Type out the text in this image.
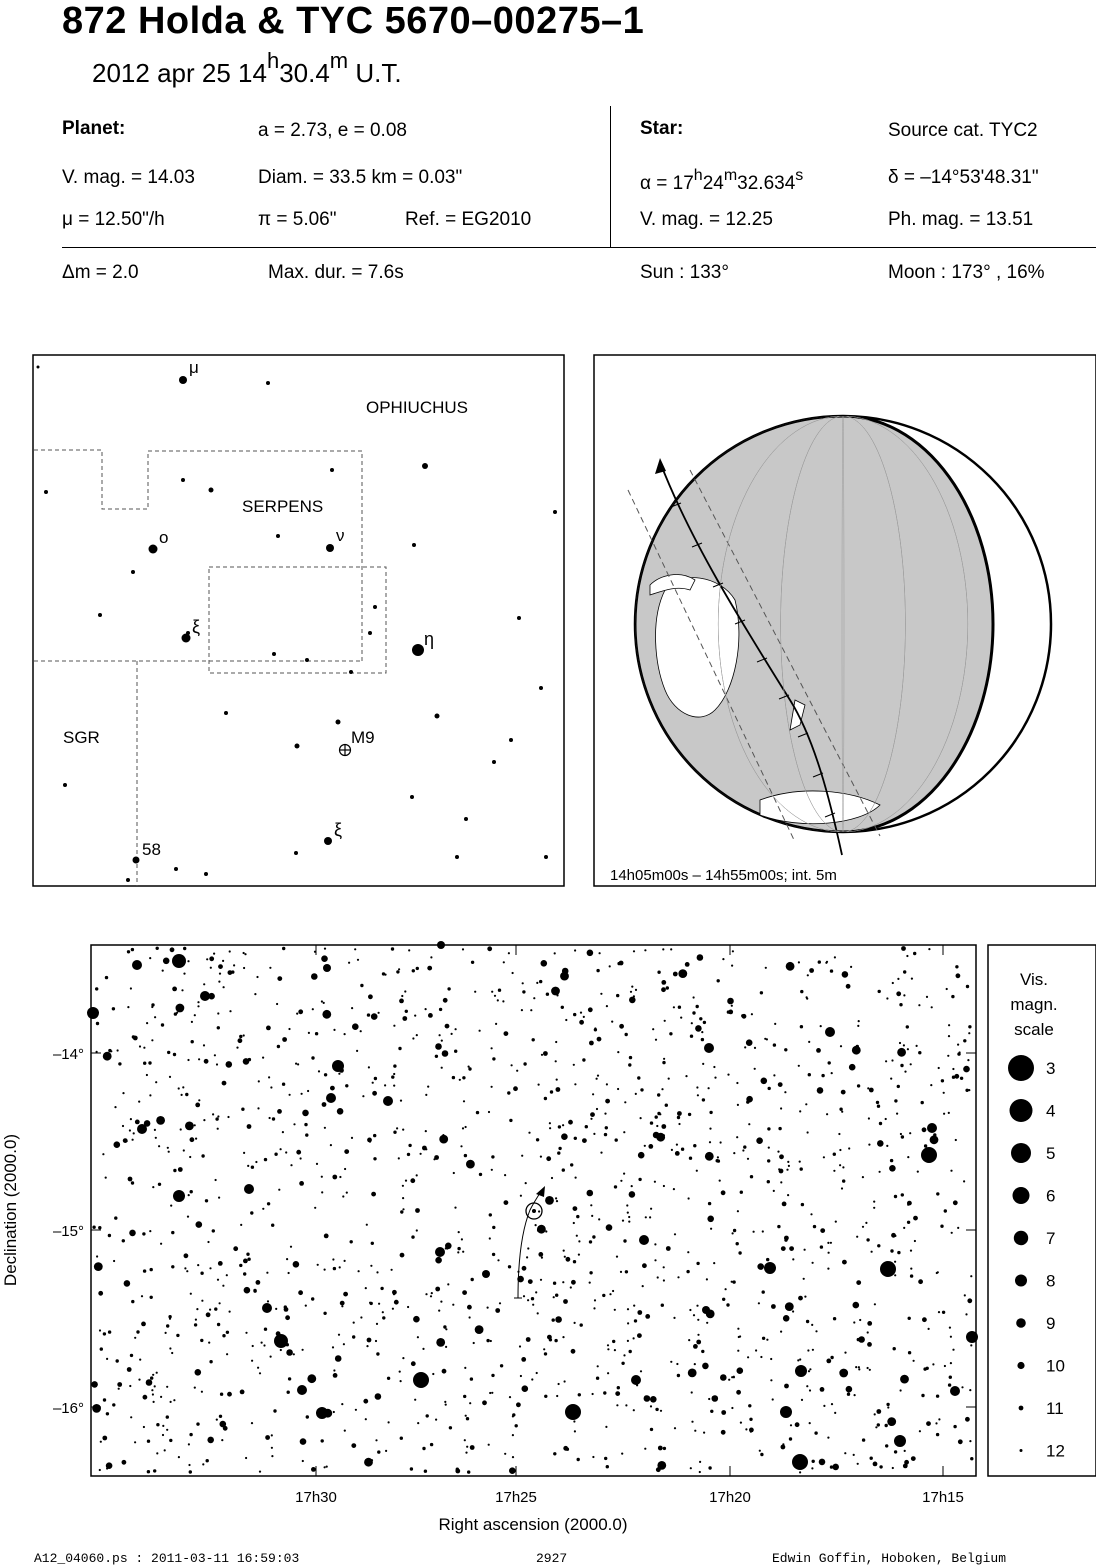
872 Holda & TYC 5670–00275–1
2012 apr 25 14$^h$30.4$^m$ U.T.
Planet:	a = 2.73, e = 0.08
V. mag. = 14.03	Diam. = 33.5 km = 0.03"
μ = 12.50"/h	π = 5.06"	Ref. = EG2010
Star:	Source cat. TYC2
$\alpha = 17^h24^m32.634^s$	δ = –14°53'48.31"
V. mag. = 12.25	Ph. mag. = 13.51
Δm = 2.0	Max. dur. = 7.6s	Sun : 133°	Moon : 173° , 16%
OPHIUCHUS
SERPENS
SGR	M9
μ
o	ν
ξ
η
ξ
58
14h05m00s – 14h55m00s; int. 5m
17h30	17h25	17h20	17h15
–14°
–15°
–16°
Right ascension (2000.0)
Declination (2000.0)
Vis.
magn.
scale
3
4
5
6
7
8
9
10
11
12
A12_04060.ps : 2011-03-11 16:59:03	2927	Edwin Goffin, Hoboken, Belgium
